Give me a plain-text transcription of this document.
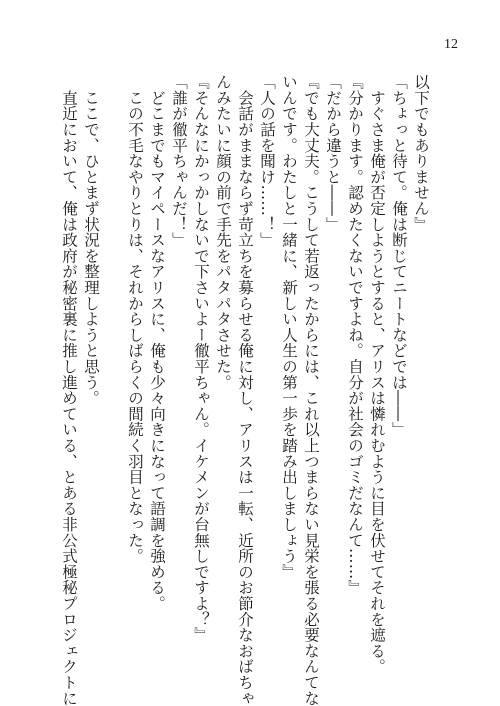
12
以下でもありません』
「ちょっと待て。俺は断じてニートなどでは――」
　すぐさま俺が否定しようとすると、アリスは憐れむように目を伏せてそれを遮る。
『分かります。認めたくないですよね。自分が社会のゴミだなんて……』
「だから違うと――」
『でも大丈夫。こうして若返ったからには、これ以上つまらない見栄を張る必要なんてな
いんです。わたしと一緒に、新しい人生の第一歩を踏み出しましょう』
「人の話を聞け……！」
　会話がままならず苛立ちを募らせる俺に対し、アリスは一転、近所のお節介なおばちゃ
んみたいに顔の前で手先をパタパタさせた。
『そんなにかっかしないで下さいよー徹平ちゃん。イケメンが台無しですよ？』
「誰が徹平ちゃんだ！」
　どこまでもマイペースなアリスに、俺も少々向きになって語調を強める。
　この不毛なやりとりは、それからしばらくの間続く羽目となった。
　ここで、ひとまず状況を整理しようと思う。
　直近において、俺は政府が秘密裏に推し進めている、とある非公式極秘プロジェクトに
